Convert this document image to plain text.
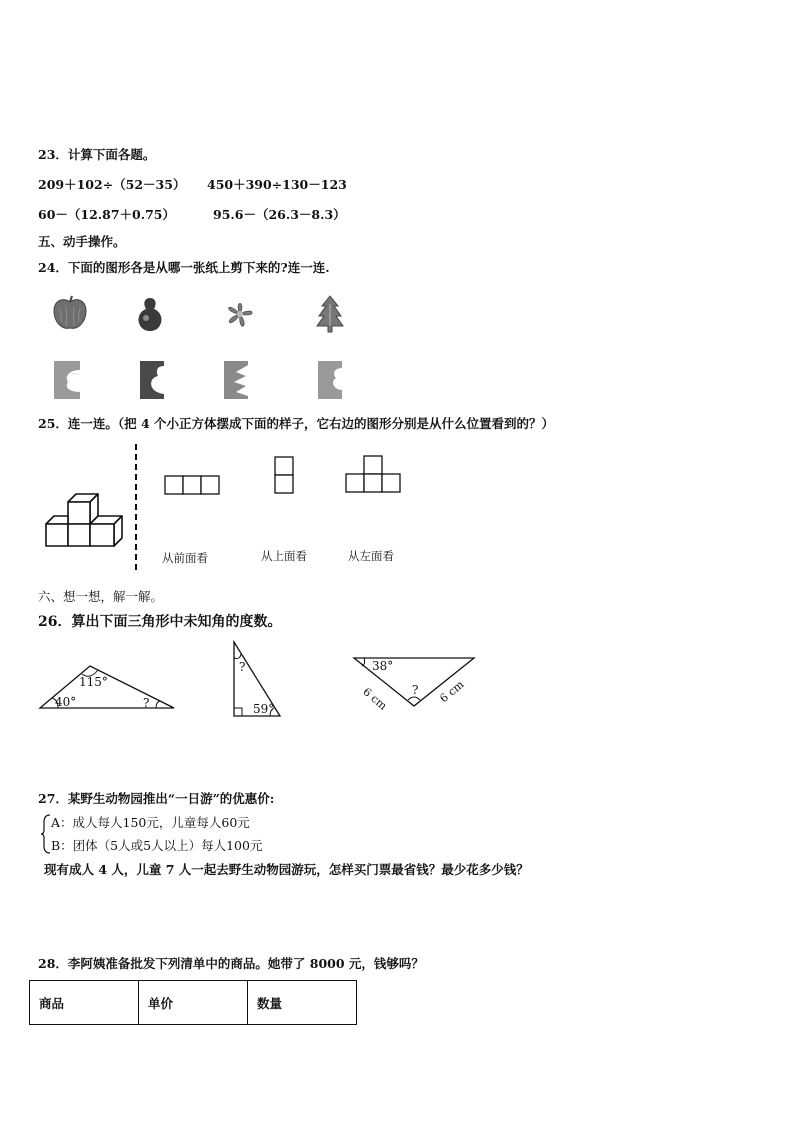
23．计算下面各题。
209＋102÷（52－35） 450＋390÷130－123
60－（12.87＋0.75）	95.6－（26.3－8.3）
五、动手操作。
24．下面的图形各是从哪一张纸上剪下来的?连一连.
25．连一连。（把 4 个小正方体摆成下面的样子，它右边的图形分别是从什么位置看到的？）
从前面看	从上面看	从左面看
六、想一想，解一解。
26．算出下面三角形中未知角的度数。
115°
40°	?
?
59°
38°
?
6 cm	6 cm
27．某野生动物园推出“一日游”的优惠价:
A：成人每人150元，儿童每人60元
B：团体（5人或5人以上）每人100元
现有成人 4 人，儿童 7 人一起去野生动物园游玩，怎样买门票最省钱？最少花多少钱？
28．李阿姨准备批发下列清单中的商品。她带了 8000 元，钱够吗？
商品	单价	数量
